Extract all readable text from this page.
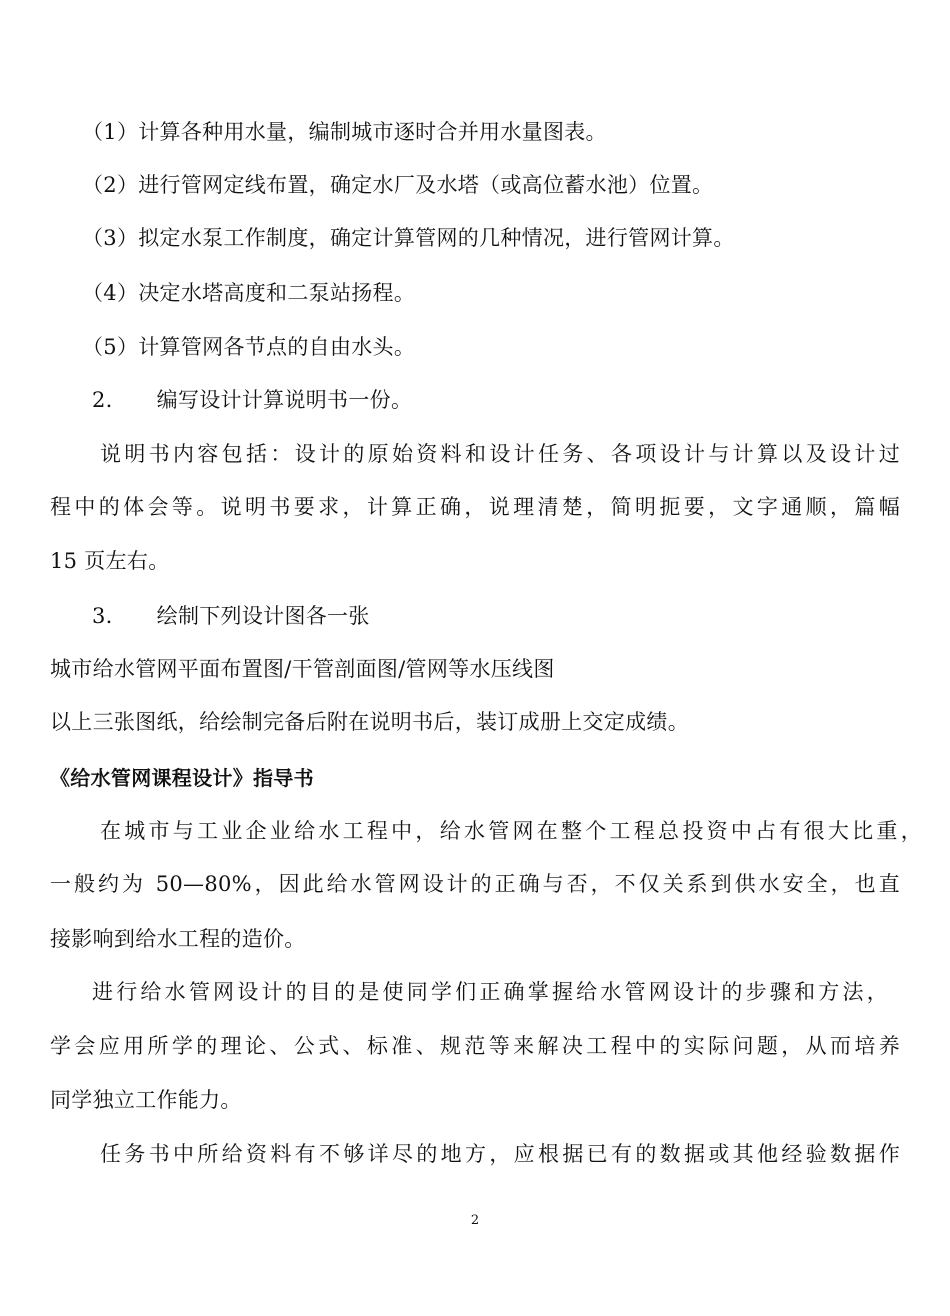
（1）计算各种用水量，编制城市逐时合并用水量图表。
（2）进行管网定线布置，确定水厂及水塔（或高位蓄水池）位置。
（3）拟定水泵工作制度，确定计算管网的几种情况，进行管网计算。
（4）决定水塔高度和二泵站扬程。
（5）计算管网各节点的自由水头。
2. 编写设计计算说明书一份。
说明书内容包括：设计的原始资料和设计任务、各项设计与计算以及设计过
程中的体会等。说明书要求，计算正确，说理清楚，简明扼要，文字通顺，篇幅
15 页左右。
3. 绘制下列设计图各一张
城市给水管网平面布置图/干管剖面图/管网等水压线图
以上三张图纸，给绘制完备后附在说明书后，装订成册上交定成绩。
《给水管网课程设计》指导书
在城市与工业企业给水工程中，给水管网在整个工程总投资中占有很大比重，
一般约为 50—80%，因此给水管网设计的正确与否，不仅关系到供水安全，也直
接影响到给水工程的造价。
进行给水管网设计的目的是使同学们正确掌握给水管网设计的步骤和方法，
学会应用所学的理论、公式、标准、规范等来解决工程中的实际问题，从而培养
同学独立工作能力。
任务书中所给资料有不够详尽的地方，应根据已有的数据或其他经验数据作
2
